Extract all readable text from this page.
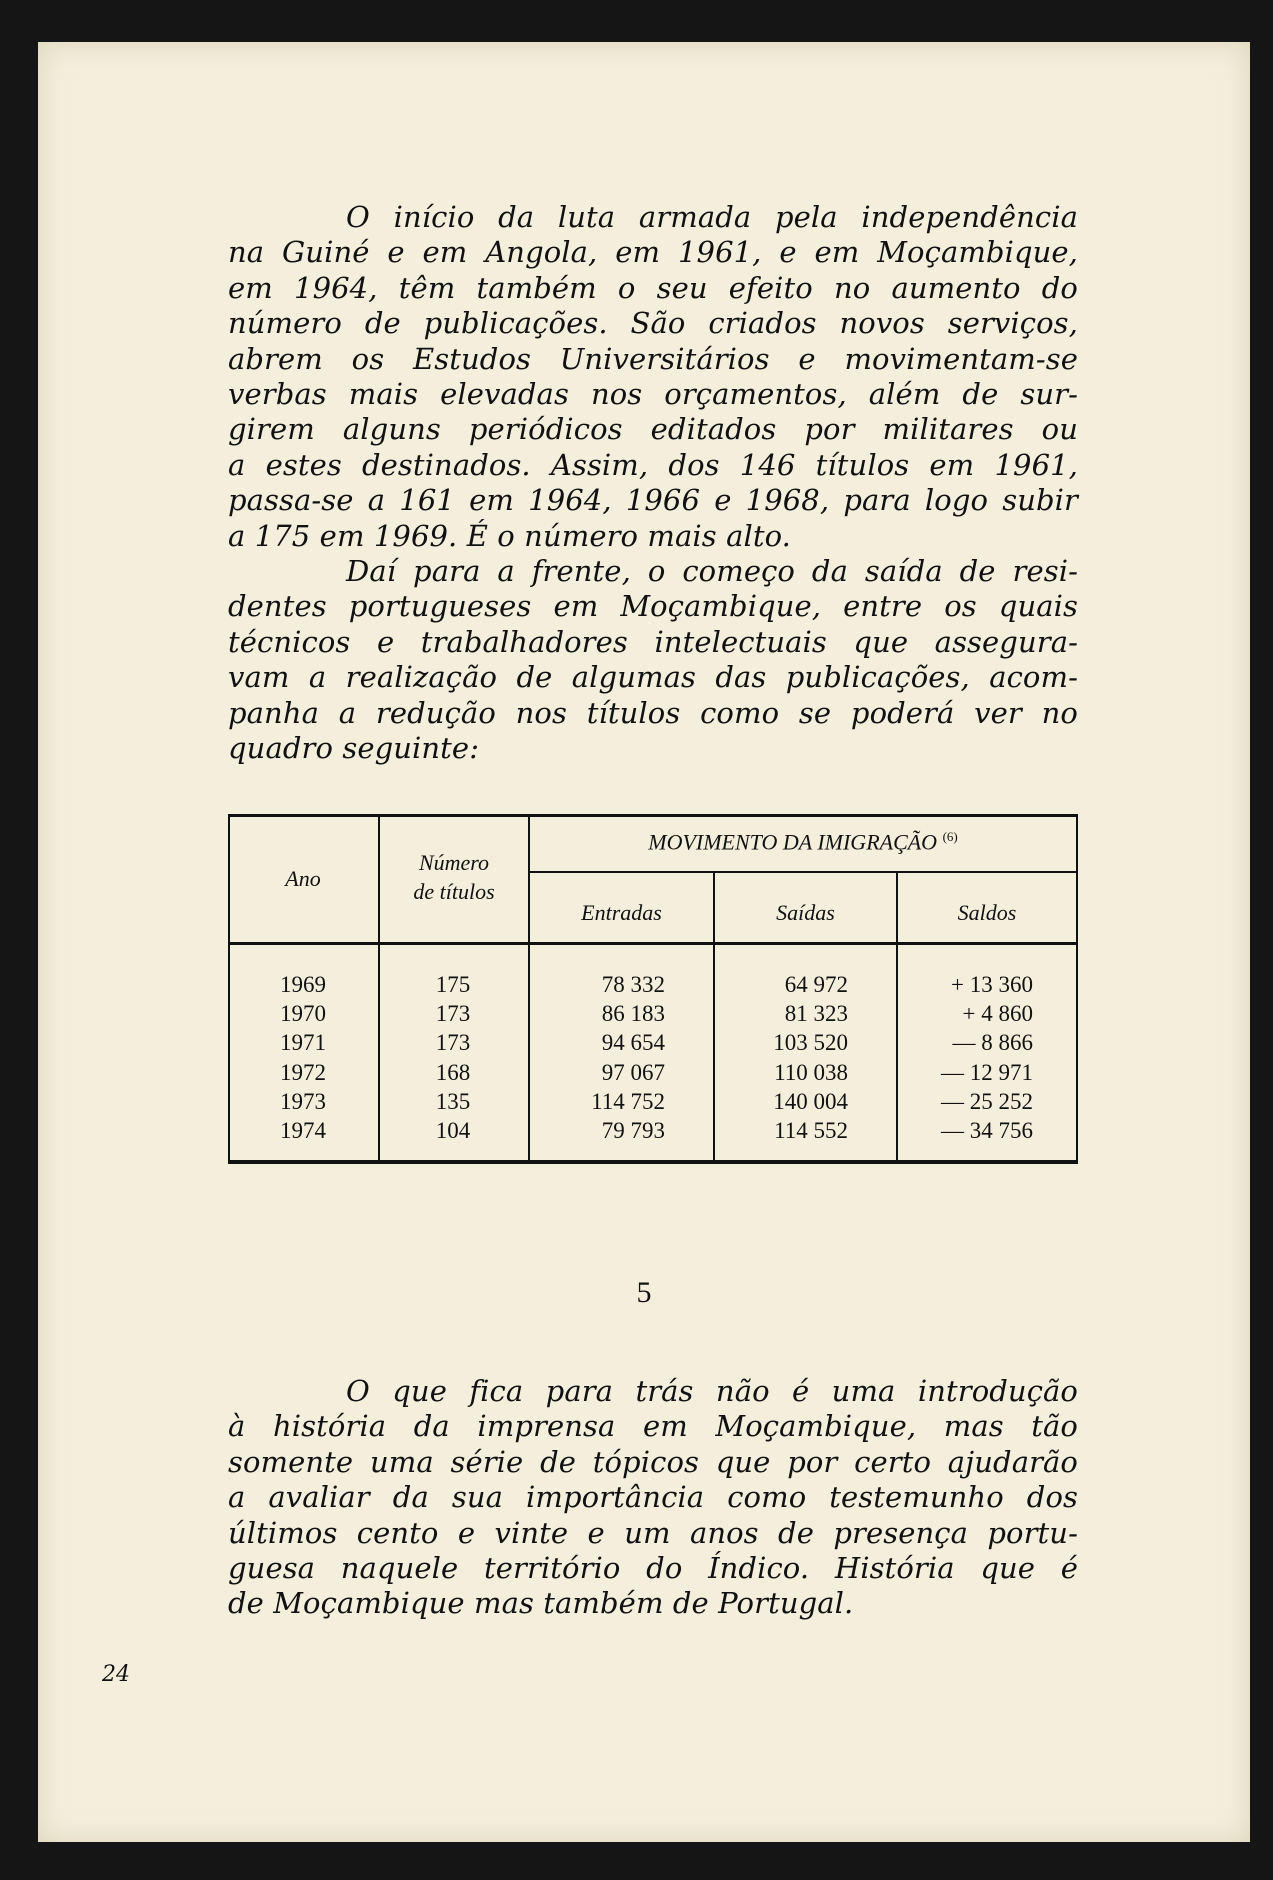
O início da luta armada pela independência
na Guiné e em Angola, em 1961, e em Moçambique,
em 1964, têm também o seu efeito no aumento do
número de publicações. São criados novos serviços,
abrem os Estudos Universitários e movimentam-se
verbas mais elevadas nos orçamentos, além de sur-
girem alguns periódicos editados por militares ou
a estes destinados. Assim, dos 146 títulos em 1961,
passa-se a 161 em 1964, 1966 e 1968, para logo subir
a 175 em 1969. É o número mais alto.
Daí para a frente, o começo da saída de resi-
dentes portugueses em Moçambique, entre os quais
técnicos e trabalhadores intelectuais que assegura-
vam a realização de algumas das publicações, acom-
panha a redução nos títulos como se poderá ver no
quadro seguinte:
Ano
Número
de títulos
MOVIMENTO DA IMIGRAÇÃO $^{(6)}$
Entradas	Saídas	Saldos
1969
1970
1971
1972
1973
1974
175
173
173
168
135
104
78 332
86 183
94 654
97 067
114 752
79 793
64 972
81 323
103 520
110 038
140 004
114 552
+ 13 360
+ 4 860
— 8 866
— 12 971
— 25 252
— 34 756
5
O que fica para trás não é uma introdução
à história da imprensa em Moçambique, mas tão
somente uma série de tópicos que por certo ajudarão
a avaliar da sua importância como testemunho dos
últimos cento e vinte e um anos de presença portu-
guesa naquele território do Índico. História que é
de Moçambique mas também de Portugal.
24
